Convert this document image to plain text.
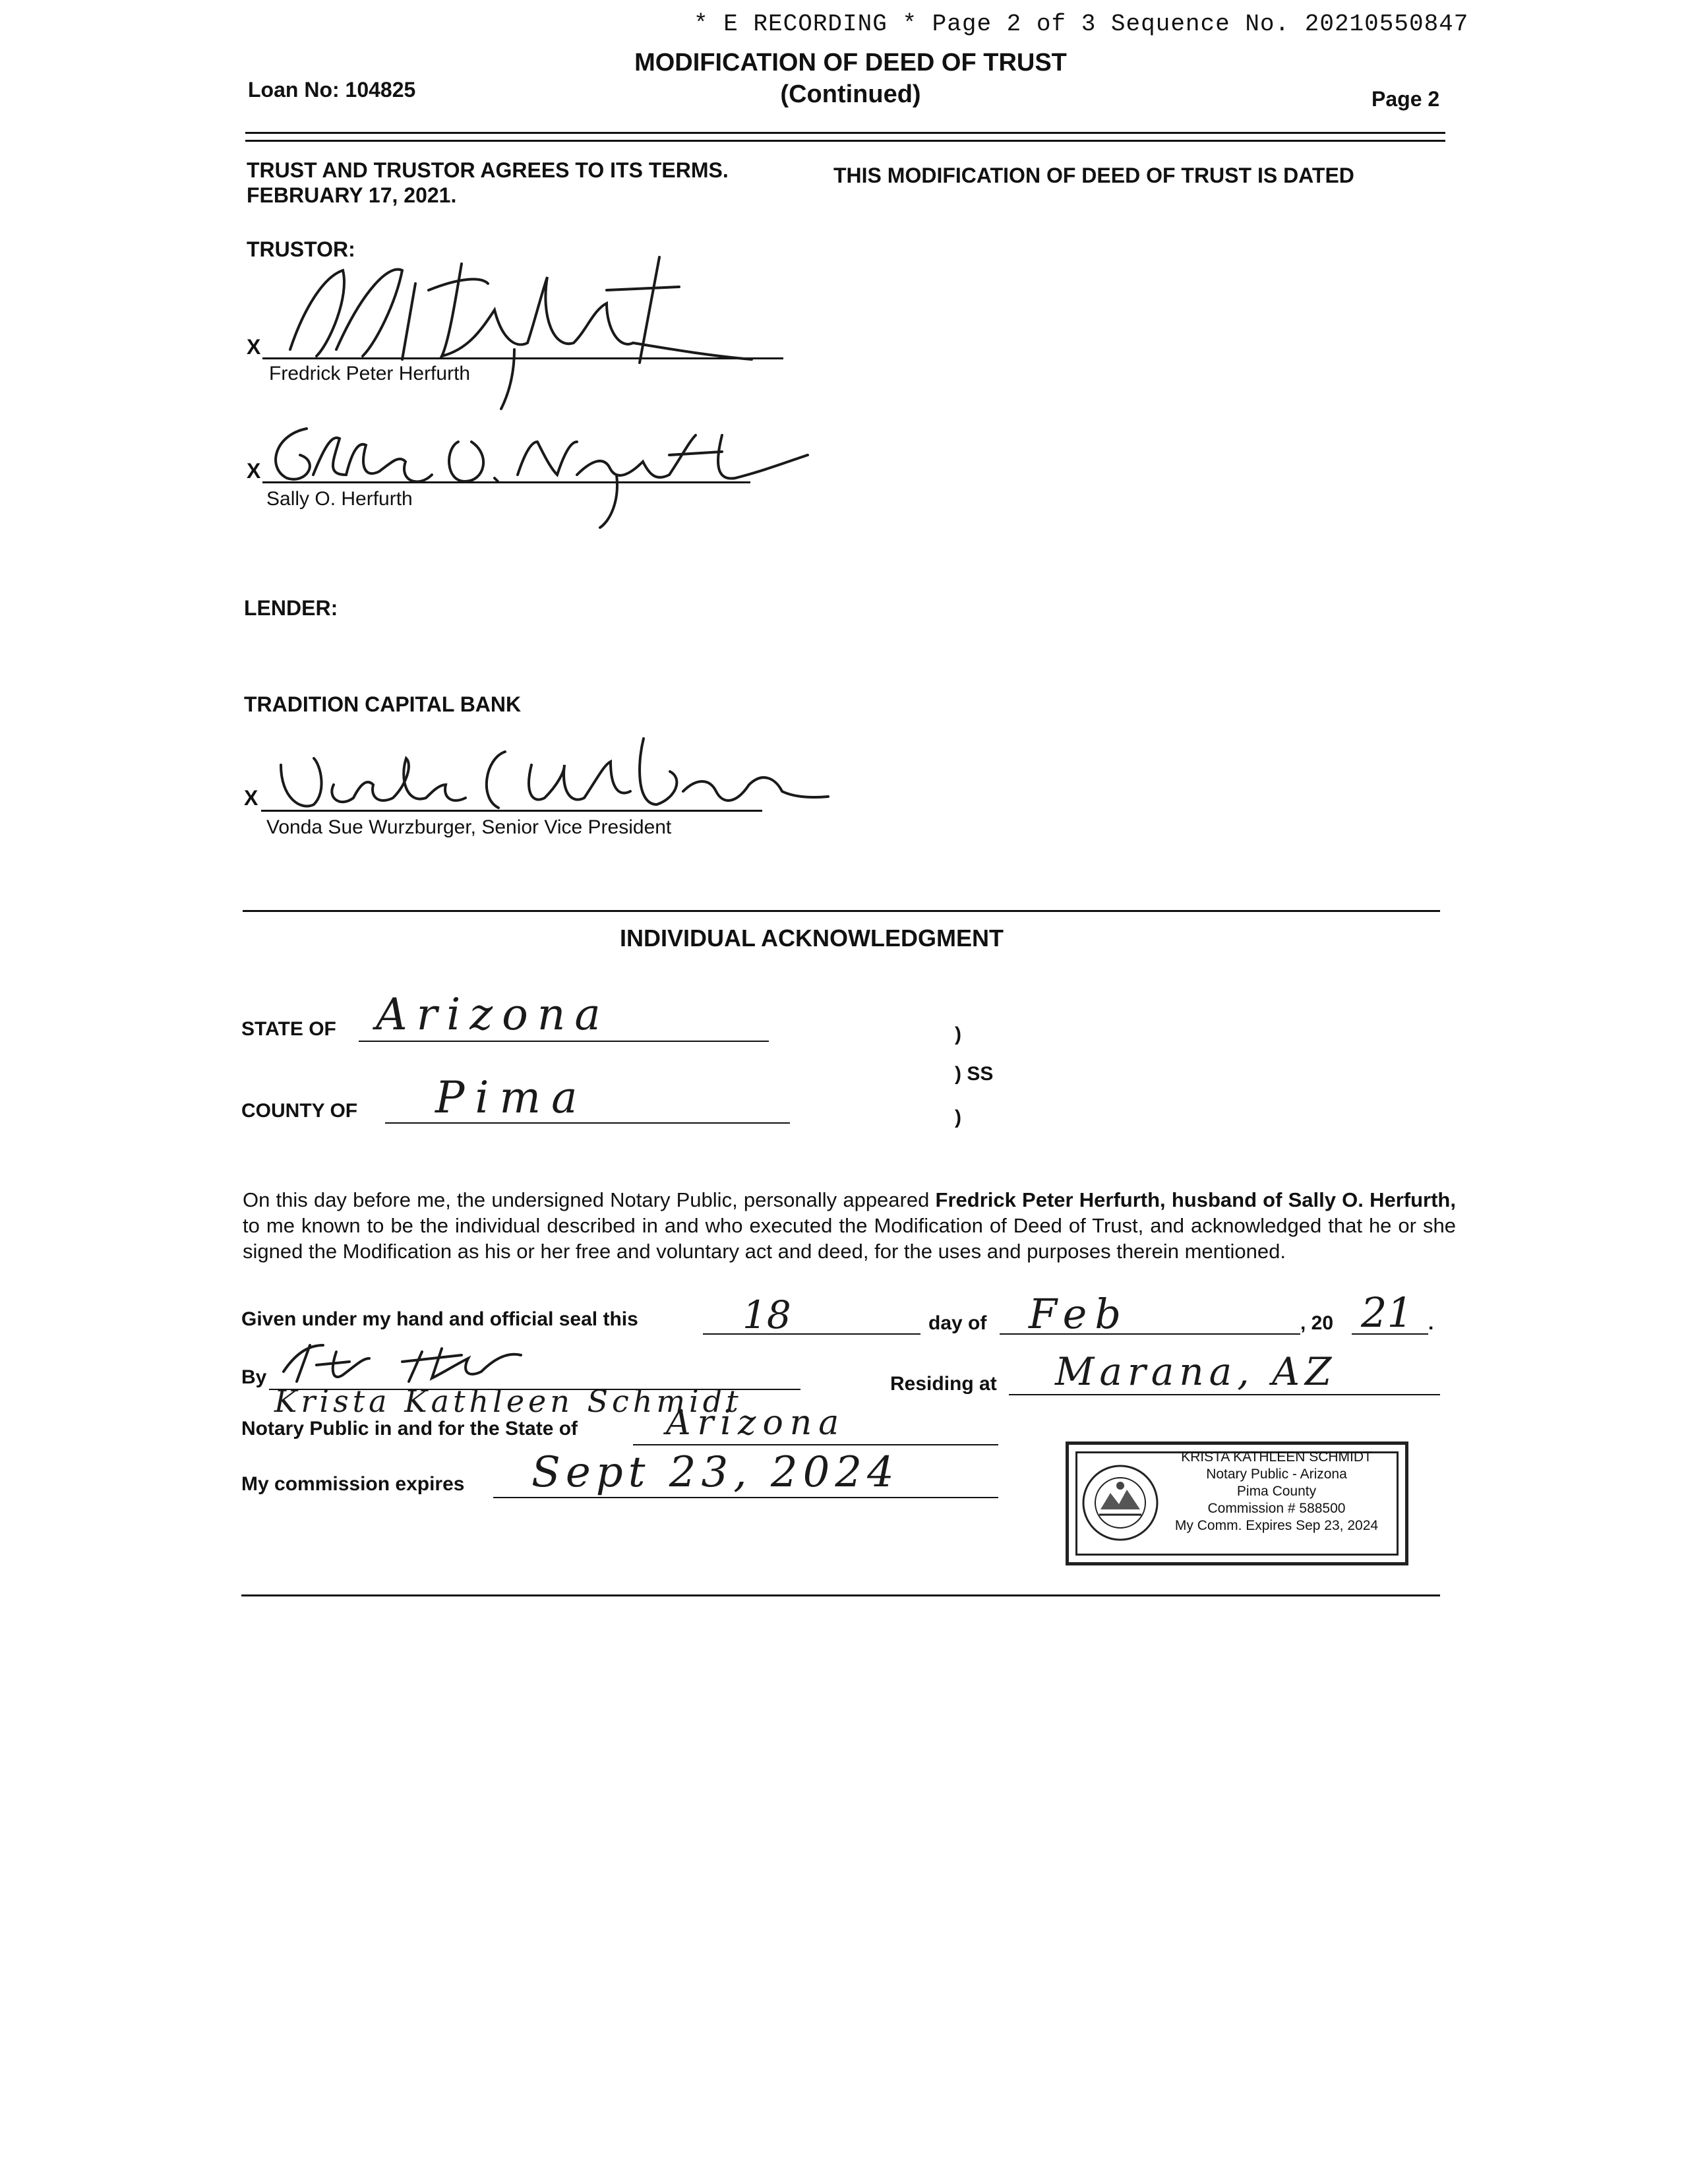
* E RECORDING * Page 2 of 3 Sequence No. 20210550847
Loan No: 104825
MODIFICATION OF DEED OF TRUST
(Continued)	Page 2
TRUST AND TRUSTOR AGREES TO ITS TERMS.	THIS MODIFICATION OF DEED OF TRUST IS DATED
FEBRUARY 17, 2021.
TRUSTOR:
X
Fredrick Peter Herfurth
X
Sally O. Herfurth
LENDER:
TRADITION CAPITAL BANK
X
Vonda Sue Wurzburger, Senior Vice President
INDIVIDUAL ACKNOWLEDGMENT
STATE OF Arizona
COUNTY OF Pima
)
) SS
)
On this day before me, the undersigned Notary Public, personally appeared Fredrick Peter Herfurth, husband of Sally O. Herfurth, to me known to be the individual described in and who executed the Modification of Deed of Trust, and acknowledged that he or she signed the Modification as his or her free and voluntary act and deed, for the uses and purposes therein mentioned.
Given under my hand and official seal this	18	day of Feb	, 20 21 .
By	Residing at Marana, AZ
Krista Kathleen Schmidt
Notary Public in and for the State of	Arizona
My commission expires Sept 23, 2024	KRISTA KATHLEEN SCHMIDT
Notary Public - Arizona
Pima County
Commission # 588500
My Comm. Expires Sep 23, 2024
